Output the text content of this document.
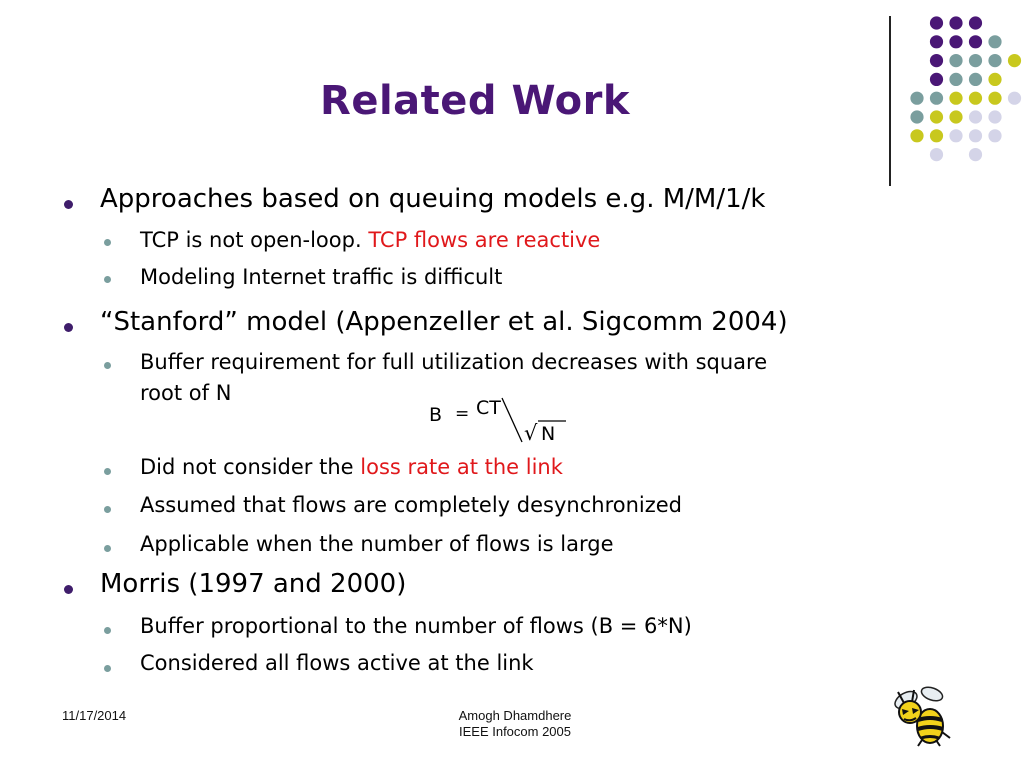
Related Work
Approaches based on queuing models e.g. M/M/1/k
TCP is not open-loop. TCP flows are reactive
Modeling Internet traffic is difficult
“Stanford” model (Appenzeller et al. Sigcomm 2004)
Buffer requirement for full utilization decreases with square
root of N
B = CT
√ N
Did not consider the loss rate at the link
Assumed that flows are completely desynchronized
Applicable when the number of flows is large
Morris (1997 and 2000)
Buffer proportional to the number of flows (B = 6*N)
Considered all flows active at the link
11/17/2014	Amogh Dhamdhere
IEEE Infocom 2005
